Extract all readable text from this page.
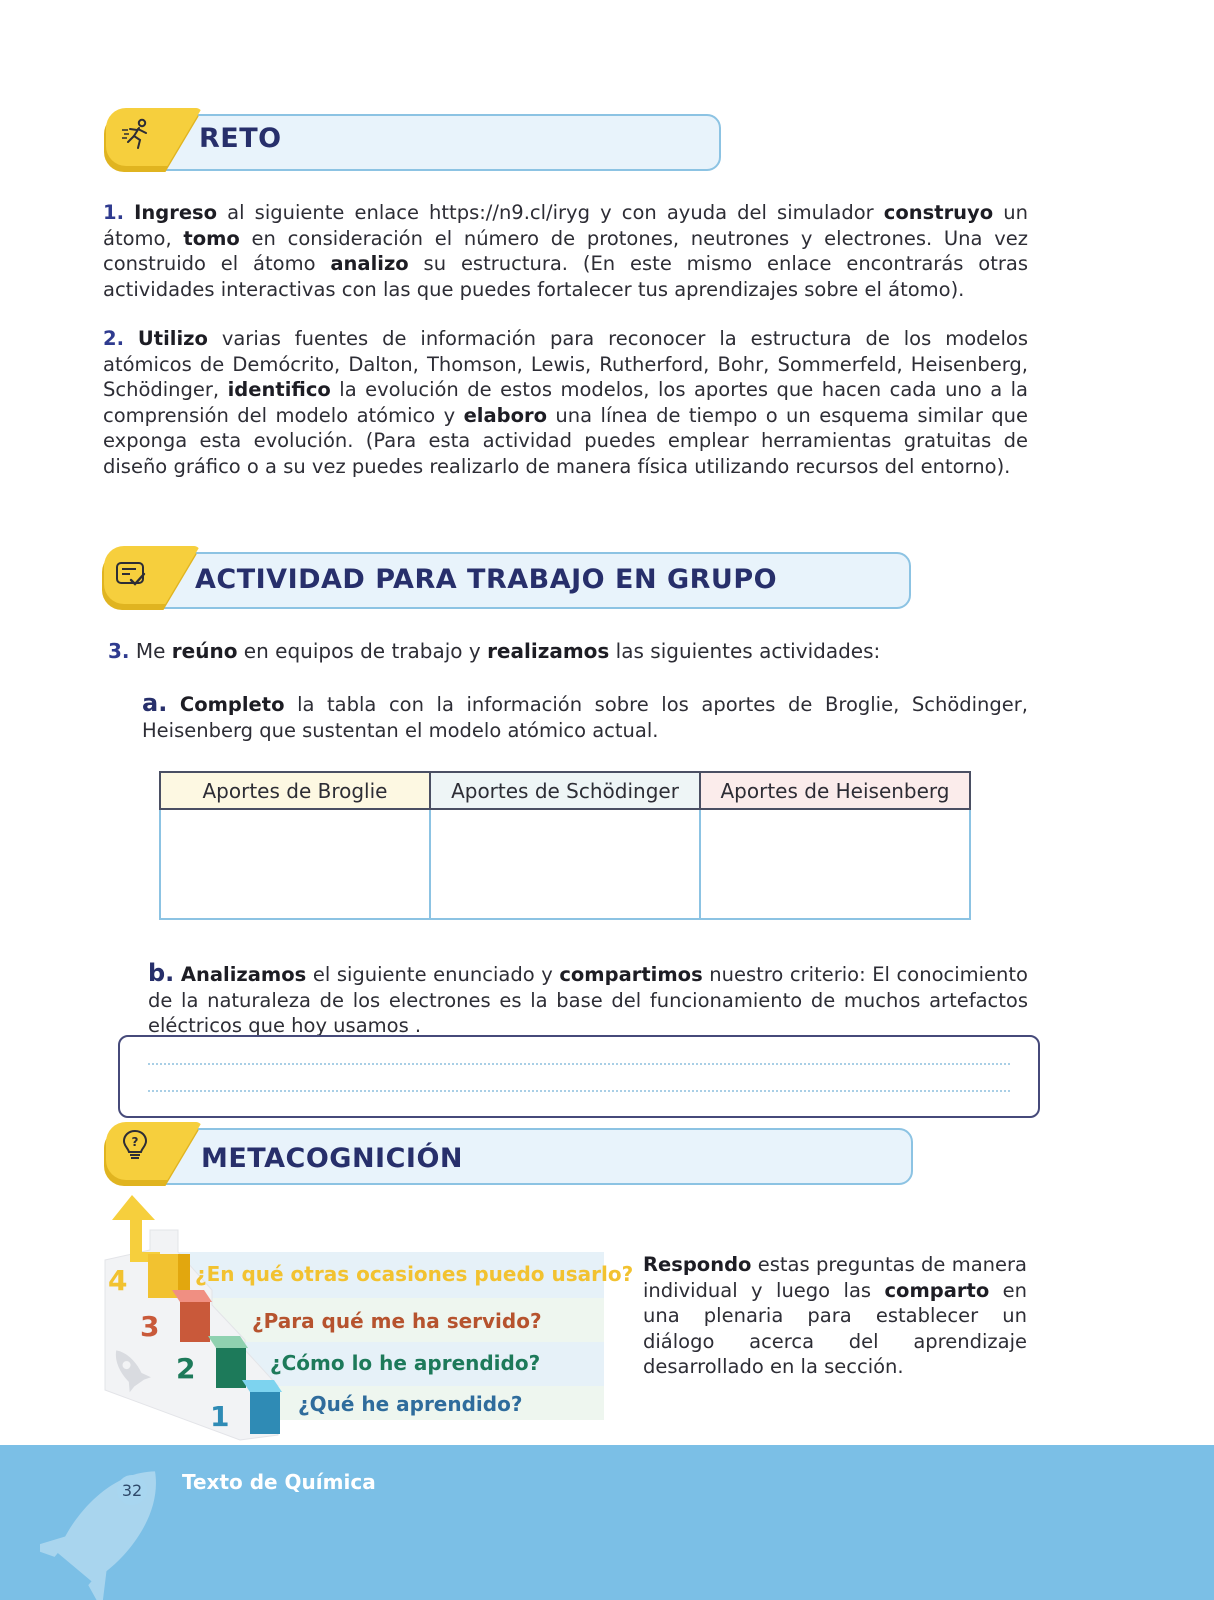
RETO
1. Ingreso al siguiente enlace https://n9.cl/iryg y con ayuda del simulador construyo un átomo, tomo en consideración el número de protones, neutrones y electrones. Una vez construido el átomo analizo su estructura. (En este mismo enlace encontrarás otras actividades interactivas con las que puedes fortalecer tus aprendizajes sobre el átomo).
2. Utilizo varias fuentes de información para reconocer la estructura de los modelos atómicos de Demócrito, Dalton, Thomson, Lewis, Rutherford, Bohr, Sommerfeld, Heisenberg, Schödinger, identifico la evolución de estos modelos, los aportes que hacen cada uno a la comprensión del modelo atómico y elaboro una línea de tiempo o un esquema similar que exponga esta evolución. (Para esta actividad puedes emplear herramientas gratuitas de diseño gráfico o a su vez puedes realizarlo de manera física utilizando recursos del entorno).
ACTIVIDAD PARA TRABAJO EN GRUPO
3. Me reúno en equipos de trabajo y realizamos las siguientes actividades:
a. Completo la tabla con la información sobre los aportes de Broglie, Schödinger, Heisenberg que sustentan el modelo atómico actual.
Aportes de Broglie	Aportes de Schödinger	Aportes de Heisenberg

b. Analizamos el siguiente enunciado y compartimos nuestro criterio: El conocimiento de la naturaleza de los electrones es la base del funcionamiento de muchos artefactos eléctricos que hoy usamos .
?
METACOGNICIÓN
4
3
2
1
¿En qué otras ocasiones puedo usarlo?
¿Para qué me ha servido?
¿Cómo lo he aprendido?
¿Qué he aprendido?
Respondo estas preguntas de manera individual y luego las comparto en una plenaria para establecer un diálogo acerca del aprendizaje desarrollado en la sección.
32 Texto de Química
